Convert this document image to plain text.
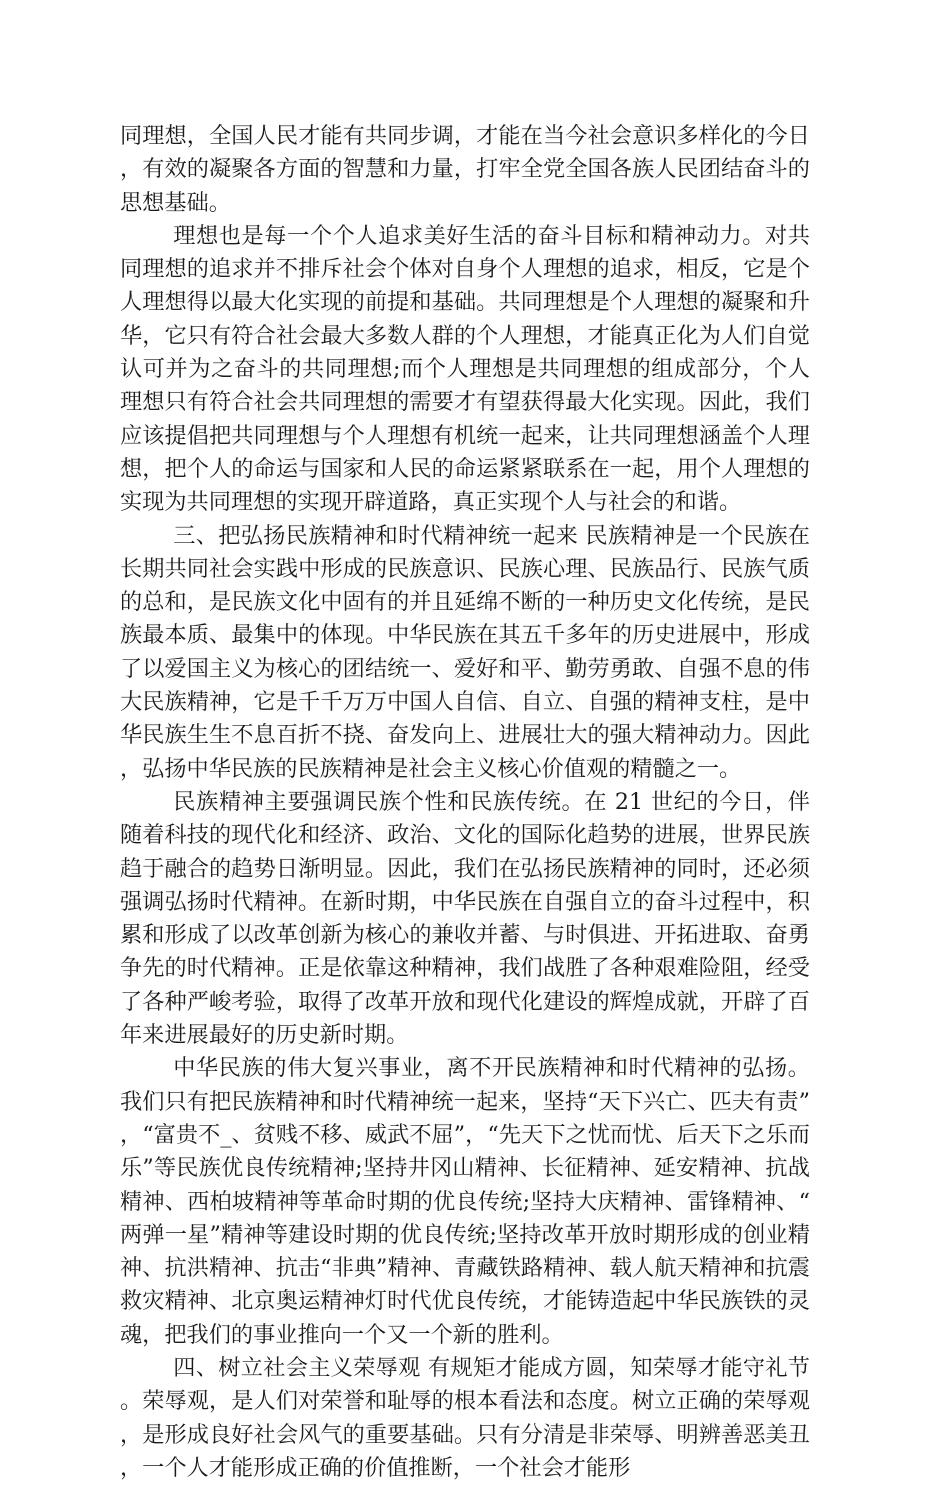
同理想，全国人民才能有共同步调，才能在当今社会意识多样化的今日，有效的凝聚各方面的智慧和力量，打牢全党全国各族人民团结奋斗的思想基础。

理想也是每一个个人追求美好生活的奋斗目标和精神动力。对共同理想的追求并不排斥社会个体对自身个人理想的追求，相反，它是个人理想得以最大化实现的前提和基础。共同理想是个人理想的凝聚和升华，它只有符合社会最大多数人群的个人理想，才能真正化为人们自觉认可并为之奋斗的共同理想;而个人理想是共同理想的组成部分，个人理想只有符合社会共同理想的需要才有望获得最大化实现。因此，我们应该提倡把共同理想与个人理想有机统一起来，让共同理想涵盖个人理想，把个人的命运与国家和人民的命运紧紧联系在一起，用个人理想的实现为共同理想的实现开辟道路，真正实现个人与社会的和谐。

三、把弘扬民族精神和时代精神统一起来 民族精神是一个民族在长期共同社会实践中形成的民族意识、民族心理、民族品行、民族气质的总和，是民族文化中固有的并且延绵不断的一种历史文化传统，是民族最本质、最集中的体现。中华民族在其五千多年的历史进展中，形成了以爱国主义为核心的团结统一、爱好和平、勤劳勇敢、自强不息的伟大民族精神，它是千千万万中国人自信、自立、自强的精神支柱，是中华民族生生不息百折不挠、奋发向上、进展壮大的强大精神动力。因此，弘扬中华民族的民族精神是社会主义核心价值观的精髓之一。

民族精神主要强调民族个性和民族传统。在 21 世纪的今日，伴随着科技的现代化和经济、政治、文化的国际化趋势的进展，世界民族趋于融合的趋势日渐明显。因此，我们在弘扬民族精神的同时，还必须强调弘扬时代精神。在新时期，中华民族在自强自立的奋斗过程中，积累和形成了以改革创新为核心的兼收并蓄、与时俱进、开拓进取、奋勇争先的时代精神。正是依靠这种精神，我们战胜了各种艰难险阻，经受了各种严峻考验，取得了改革开放和现代化建设的辉煌成就，开辟了百年来进展最好的历史新时期。

中华民族的伟大复兴事业，离不开民族精神和时代精神的弘扬。我们只有把民族精神和时代精神统一起来，坚持“天下兴亡、匹夫有责”，“富贵不_、贫贱不移、威武不屈”，“先天下之忧而忧、后天下之乐而乐”等民族优良传统精神;坚持井冈山精神、长征精神、延安精神、抗战精神、西柏坡精神等革命时期的优良传统;坚持大庆精神、雷锋精神、“两弹一星”精神等建设时期的优良传统;坚持改革开放时期形成的创业精神、抗洪精神、抗击“非典”精神、青藏铁路精神、载人航天精神和抗震救灾精神、北京奥运精神灯时代优良传统，才能铸造起中华民族铁的灵魂，把我们的事业推向一个又一个新的胜利。

四、树立社会主义荣辱观 有规矩才能成方圆，知荣辱才能守礼节。荣辱观，是人们对荣誉和耻辱的根本看法和态度。树立正确的荣辱观，是形成良好社会风气的重要基础。只有分清是非荣辱、明辨善恶美丑，一个人才能形成正确的价值推断，一个社会才能形
